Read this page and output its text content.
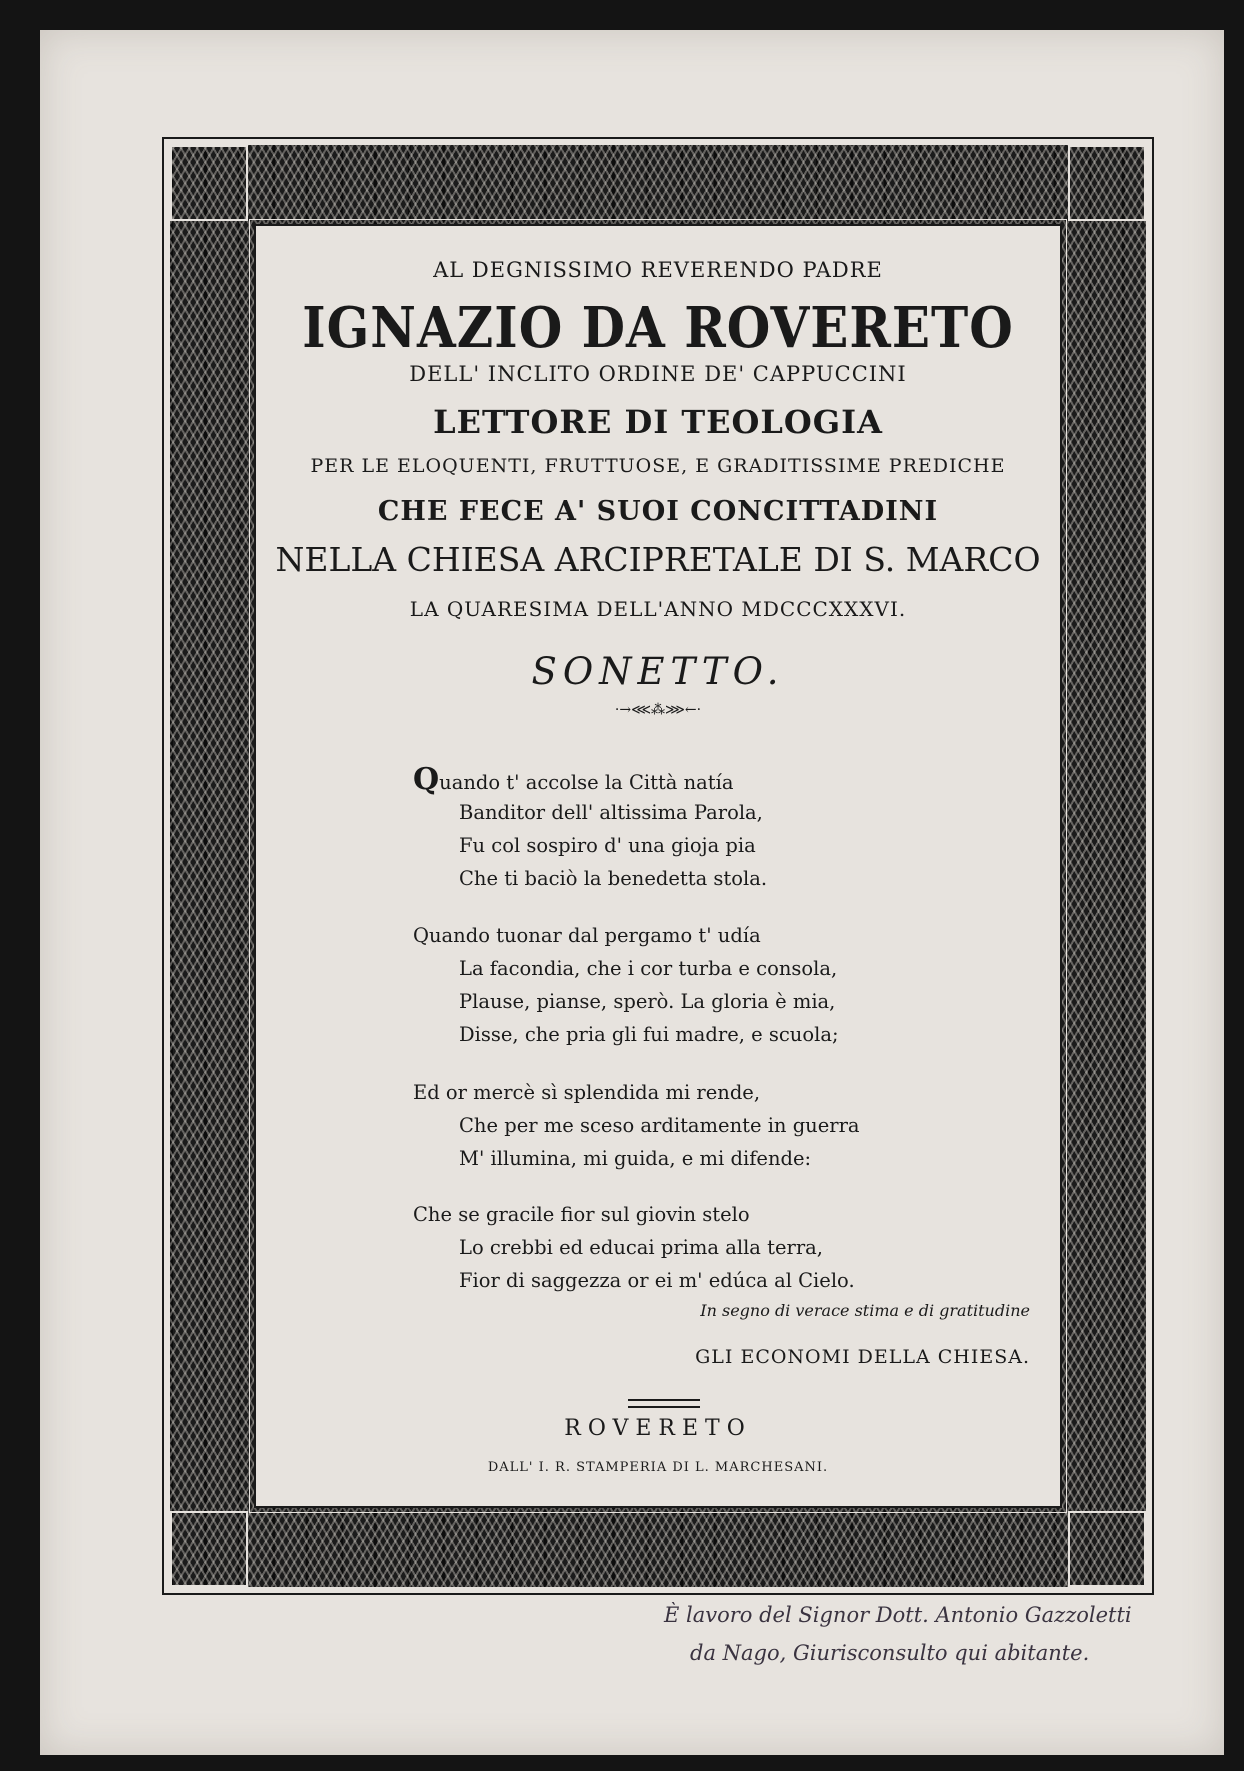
AL DEGNISSIMO REVERENDO PADRE
IGNAZIO DA ROVERETO
DELL' INCLITO ORDINE DE' CAPPUCCINI
LETTORE DI TEOLOGIA
PER LE ELOQUENTI, FRUTTUOSE, E GRADITISSIME PREDICHE
CHE FECE A' SUOI CONCITTADINI
NELLA CHIESA ARCIPRETALE DI S. MARCO
LA QUARESIMA DELL'ANNO MDCCCXXXVI.
SONETTO.
·→⋘⁂⋙←·
Quando t' accolse la Città natía
Banditor dell' altissima Parola,
Fu col sospiro d' una gioja pia
Che ti baciò la benedetta stola.
Quando tuonar dal pergamo t' udía
La facondia, che i cor turba e consola,
Plause, pianse, sperò. La gloria è mia,
Disse, che pria gli fui madre, e scuola;
Ed or mercè sì splendida mi rende,
Che per me sceso arditamente in guerra
M' illumina, mi guida, e mi difende:
Che se gracile fior sul giovin stelo
Lo crebbi ed educai prima alla terra,
Fior di saggezza or ei m' edúca al Cielo.
In segno di verace stima e di gratitudine
GLI ECONOMI DELLA CHIESA.
ROVERETO
DALL' I. R. STAMPERIA DI L. MARCHESANI.
È lavoro del Signor Dott. Antonio Gazzoletti
da Nago, Giurisconsulto qui abitante.
